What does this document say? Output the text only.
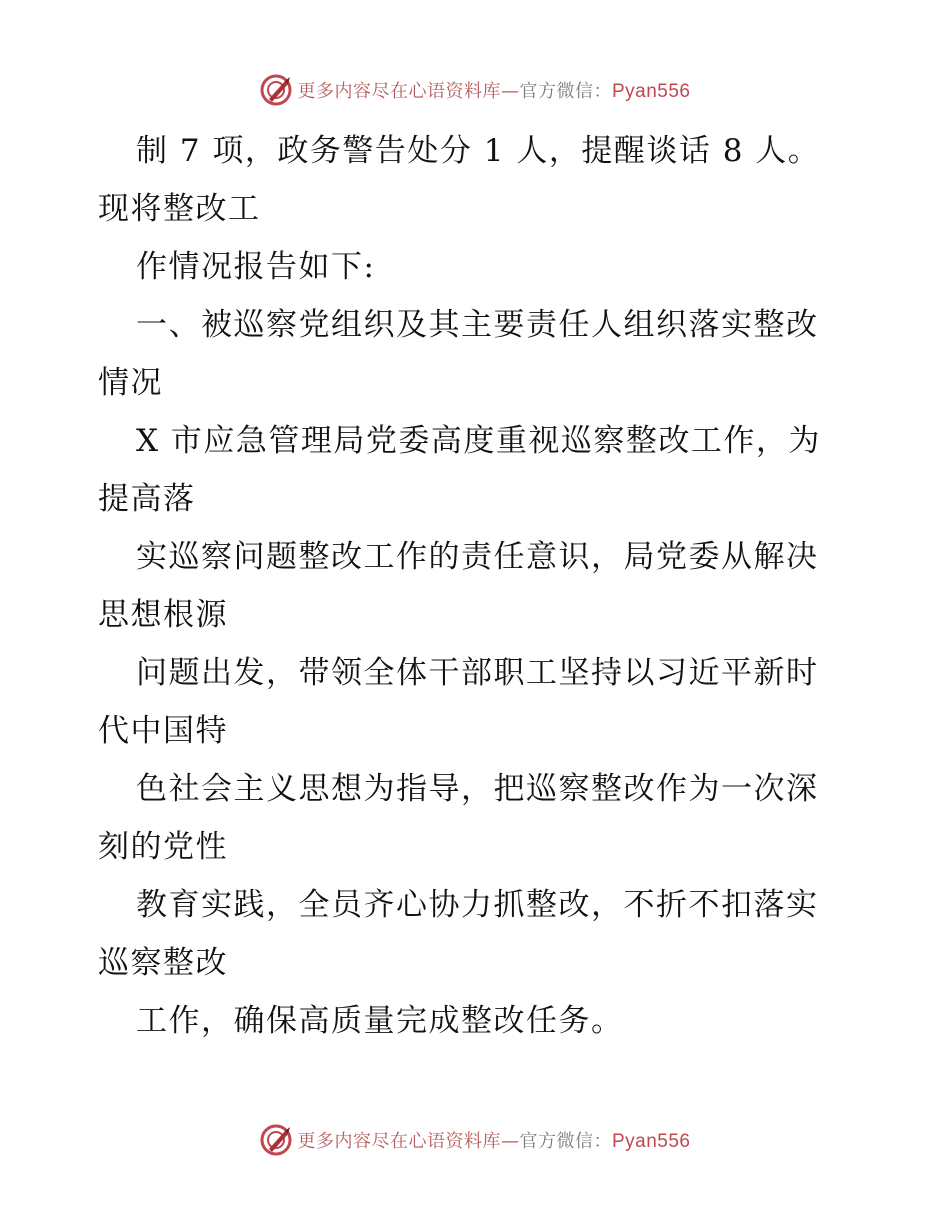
更多内容尽在心语资料库—官方微信：Pyan556
制 7 项，政务警告处分 1 人，提醒谈话 8 人。
现将整改工
作情况报告如下:
一、被巡察党组织及其主要责任人组织落实整改
情况
X 市应急管理局党委高度重视巡察整改工作，为
提高落
实巡察问题整改工作的责任意识，局党委从解决
思想根源
问题出发，带领全体干部职工坚持以习近平新时
代中国特
色社会主义思想为指导，把巡察整改作为一次深
刻的党性
教育实践，全员齐心协力抓整改，不折不扣落实
巡察整改
工作，确保高质量完成整改任务。
更多内容尽在心语资料库—官方微信：Pyan556
